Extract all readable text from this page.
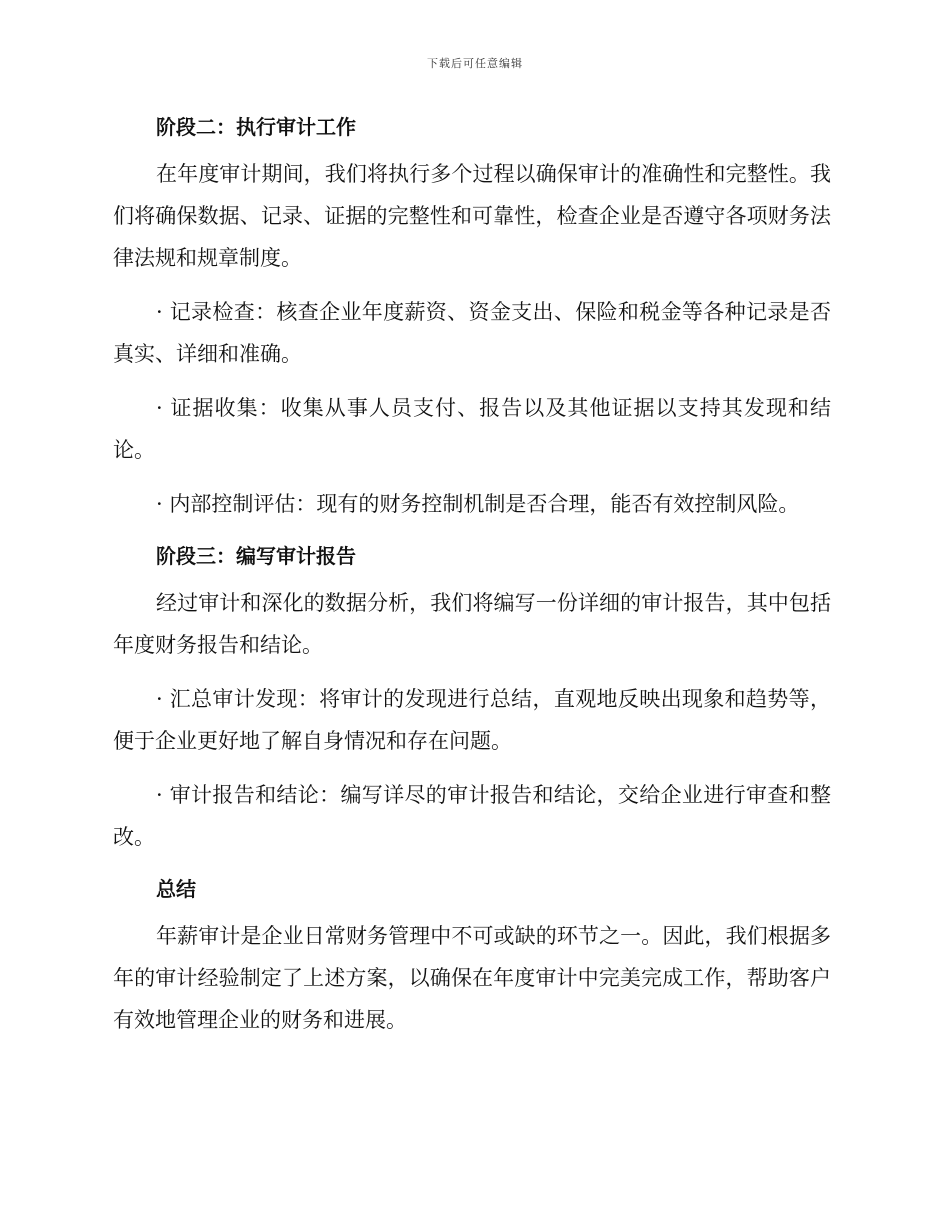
下载后可任意编辑
阶段二：执行审计工作

在年度审计期间，我们将执行多个过程以确保审计的准确性和完整性。我们将确保数据、记录、证据的完整性和可靠性，检查企业是否遵守各项财务法律法规和规章制度。

· 记录检查：核查企业年度薪资、资金支出、保险和税金等各种记录是否真实、详细和准确。

· 证据收集：收集从事人员支付、报告以及其他证据以支持其发现和结论。

· 内部控制评估：现有的财务控制机制是否合理，能否有效控制风险。

阶段三：编写审计报告

经过审计和深化的数据分析，我们将编写一份详细的审计报告，其中包括年度财务报告和结论。

· 汇总审计发现：将审计的发现进行总结，直观地反映出现象和趋势等，便于企业更好地了解自身情况和存在问题。

· 审计报告和结论：编写详尽的审计报告和结论，交给企业进行审查和整改。

总结

年薪审计是企业日常财务管理中不可或缺的环节之一。因此，我们根据多年的审计经验制定了上述方案，以确保在年度审计中完美完成工作，帮助客户有效地管理企业的财务和进展。
